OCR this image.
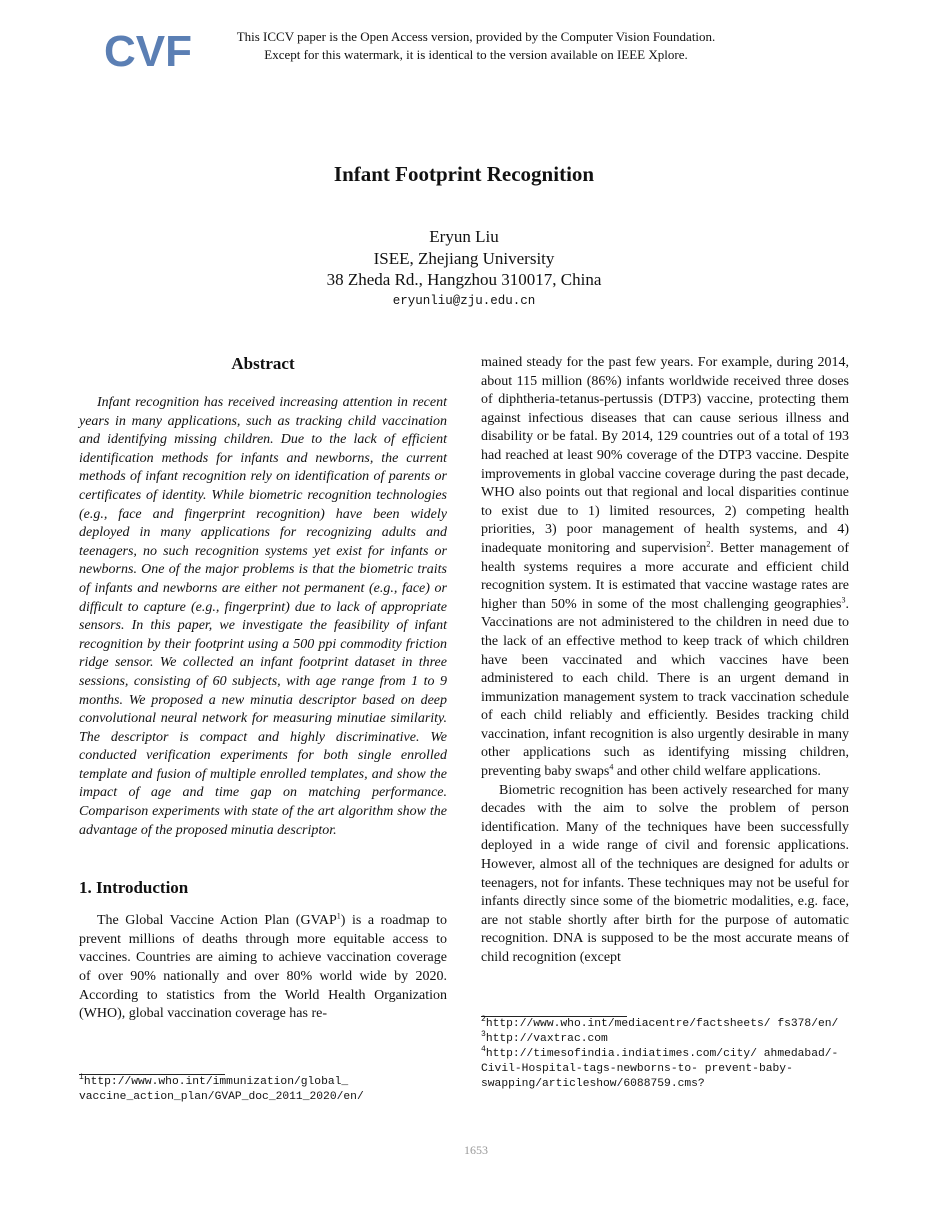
CVF	This ICCV paper is the Open Access version, provided by the Computer Vision Foundation.
Except for this watermark, it is identical to the version available on IEEE Xplore.
Infant Footprint Recognition
Eryun Liu
ISEE, Zhejiang University
38 Zheda Rd., Hangzhou 310017, China
eryunliu@zju.edu.cn
Abstract

Infant recognition has received increasing attention in recent years in many applications, such as tracking child vaccination and identifying missing children. Due to the lack of efficient identification methods for infants and newborns, the current methods of infant recognition rely on identification of parents or certificates of identity. While biometric recognition technologies (e.g., face and fingerprint recognition) have been widely deployed in many applications for recognizing adults and teenagers, no such recognition systems yet exist for infants or newborns. One of the major problems is that the biometric traits of infants and newborns are either not permanent (e.g., face) or difficult to capture (e.g., fingerprint) due to lack of appropriate sensors. In this paper, we investigate the feasibility of infant recognition by their footprint using a 500 ppi commodity friction ridge sensor. We collected an infant footprint dataset in three sessions, consisting of 60 subjects, with age range from 1 to 9 months. We proposed a new minutia descriptor based on deep convolutional neural network for measuring minutiae similarity. The descriptor is compact and highly discriminative. We conducted verification experiments for both single enrolled template and fusion of multiple enrolled templates, and show the impact of age and time gap on matching performance. Comparison experiments with state of the art algorithm show the advantage of the proposed minutia descriptor.

1. Introduction

The Global Vaccine Action Plan (GVAP$^1$) is a roadmap to prevent millions of deaths through more equitable access to vaccines. Countries are aiming to achieve vaccination coverage of over 90% nationally and over 80% world wide by 2020. According to statistics from the World Health Organization (WHO), global vaccination coverage has re-

$^1$http://www.who.int/immunization/global_ vaccine_action_plan/GVAP_doc_2011_2020/en/

mained steady for the past few years. For example, during 2014, about 115 million (86%) infants worldwide received three doses of diphtheria-tetanus-pertussis (DTP3) vaccine, protecting them against infectious diseases that can cause serious illness and disability or be fatal. By 2014, 129 countries out of a total of 193 had reached at least 90% coverage of the DTP3 vaccine. Despite improvements in global vaccine coverage during the past decade, WHO also points out that regional and local disparities continue to exist due to 1) limited resources, 2) competing health priorities, 3) poor management of health systems, and 4) inadequate monitoring and supervision$^2$. Better management of health systems requires a more accurate and efficient child recognition system. It is estimated that vaccine wastage rates are higher than 50% in some of the most challenging geographies$^3$. Vaccinations are not administered to the children in need due to the lack of an effective method to keep track of which children have been vaccinated and which vaccines have been administered to each child. There is an urgent demand in immunization management system to track vaccination schedule of each child reliably and efficiently. Besides tracking child vaccination, infant recognition is also urgently desirable in many other applications such as identifying missing children, preventing baby swaps$^4$ and other child welfare applications.

Biometric recognition has been actively researched for many decades with the aim to solve the problem of person identification. Many of the techniques have been successfully deployed in a wide range of civil and forensic applications. However, almost all of the techniques are designed for adults or teenagers, not for infants. These techniques may not be useful for infants directly since some of the biometric modalities, e.g. face, are not stable shortly after birth for the purpose of automatic recognition. DNA is supposed to be the most accurate means of child recognition (except

$^2$http://www.who.int/mediacentre/factsheets/ fs378/en/

$^3$http://vaxtrac.com

$^4$http://timesofindia.indiatimes.com/city/ ahmedabad/-Civil-Hospital-tags-newborns-to- prevent-baby-swapping/articleshow/6088759.cms?

1653
